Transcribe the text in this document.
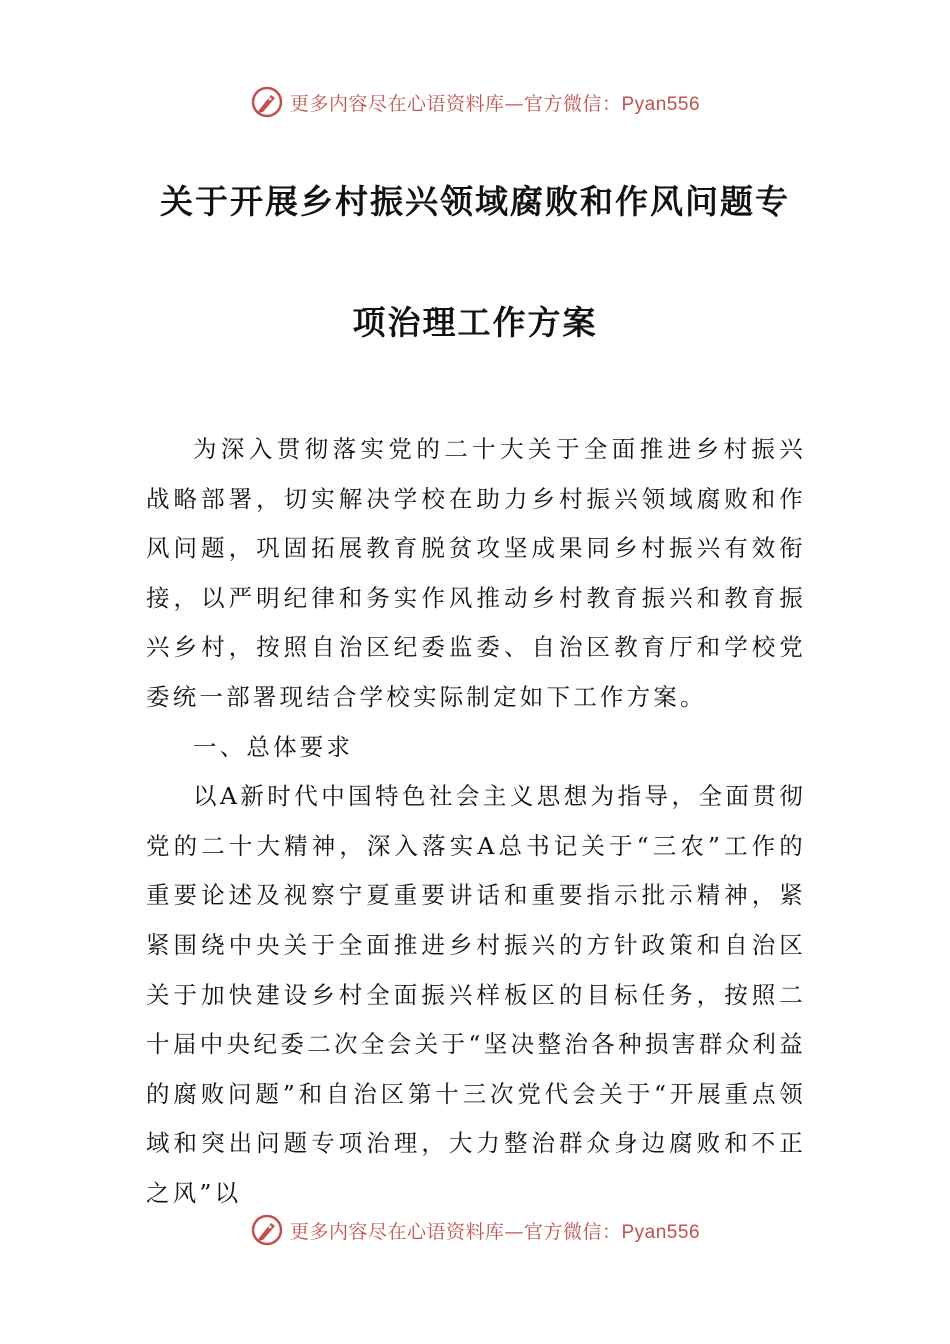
更多内容尽在心语资料库—官方微信：Pyan556
关于开展乡村振兴领域腐败和作风问题专
项治理工作方案

为深入贯彻落实党的二十大关于全面推进乡村振兴战略部署，切实解决学校在助力乡村振兴领域腐败和作风问题，巩固拓展教育脱贫攻坚成果同乡村振兴有效衔接，以严明纪律和务实作风推动乡村教育振兴和教育振兴乡村，按照自治区纪委监委、自治区教育厅和学校党委统一部署现结合学校实际制定如下工作方案。

一、总体要求

以A新时代中国特色社会主义思想为指导，全面贯彻党的二十大精神，深入落实A总书记关于“三农”工作的重要论述及视察宁夏重要讲话和重要指示批示精神，紧紧围绕中央关于全面推进乡村振兴的方针政策和自治区关于加快建设乡村全面振兴样板区的目标任务，按照二十届中央纪委二次全会关于“坚决整治各种损害群众利益的腐败问题”和自治区第十三次党代会关于“开展重点领域和突出问题专项治理，大力整治群众身边腐败和不正之风”以

更多内容尽在心语资料库—官方微信：Pyan556
